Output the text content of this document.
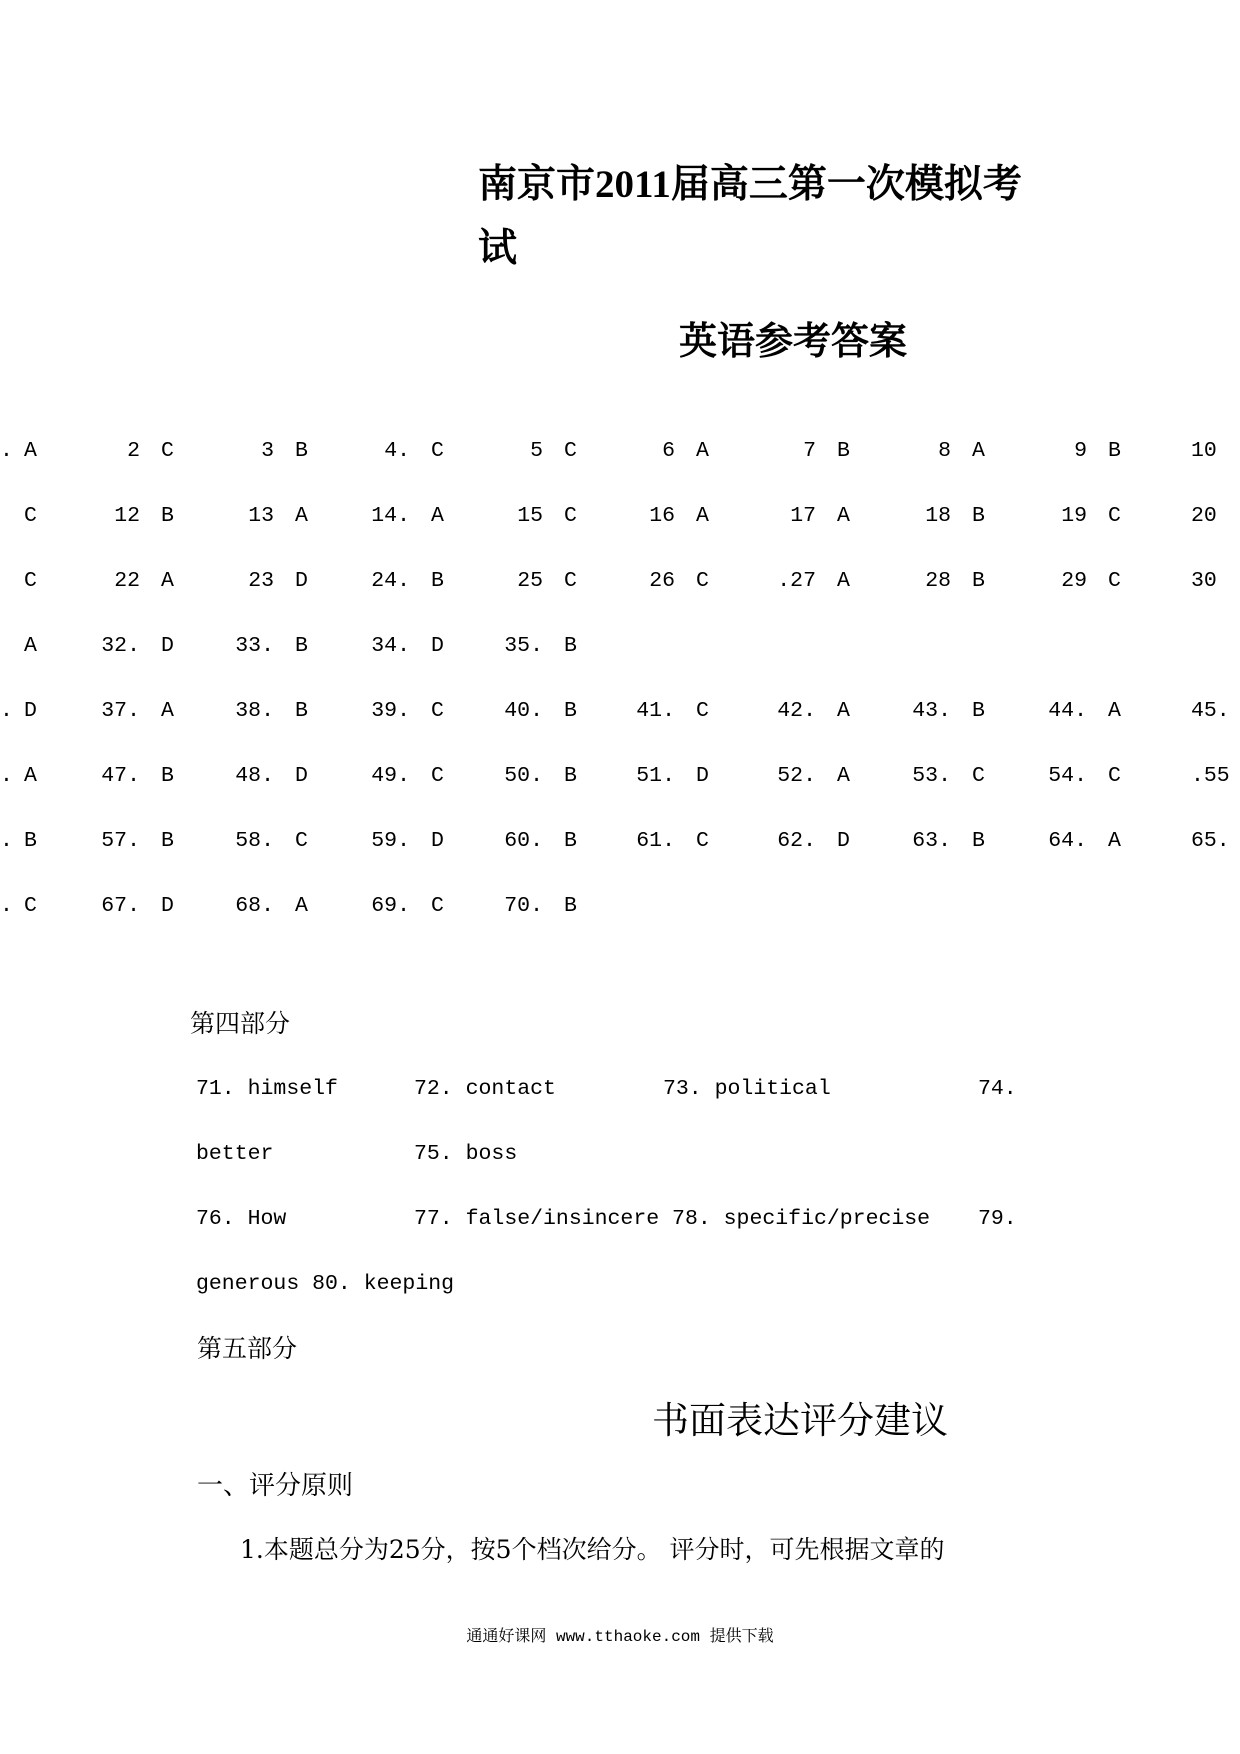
南京市2011届高三第一次模拟考
试
英语参考答案
. A	2 C	3 B	4. C	5 C	6 A	7 B	8 A	9 B	10
C	12 B	13 A	14. A	15 C	16 A	17 A	18 B	19 C	20
C	22 A	23 D	24. B	25 C	26 C	.27 A	28 B	29 C	30
A	32. D	33. B	34. D	35. B
. D	37. A	38. B	39. C	40. B	41. C	42. A	43. B	44. A	45.
. A	47. B	48. D	49. C	50. B	51. D	52. A	53. C	54. C	.55
. B	57. B	58. C	59. D	60. B	61. C	62. D	63. B	64. A	65.
. C	67. D	68. A	69. C	70. B
第四部分
71. himself	72. contact	73. political	74.
better	75. boss
76. How	77. false/insincere 78. specific/precise 79.
generous 80. keeping
第五部分
书面表达评分建议
一、评分原则
1.本题总分为25分，按5个档次给分。 评分时，可先根据文章的
通通好课网 www.tthaoke.com 提供下载
